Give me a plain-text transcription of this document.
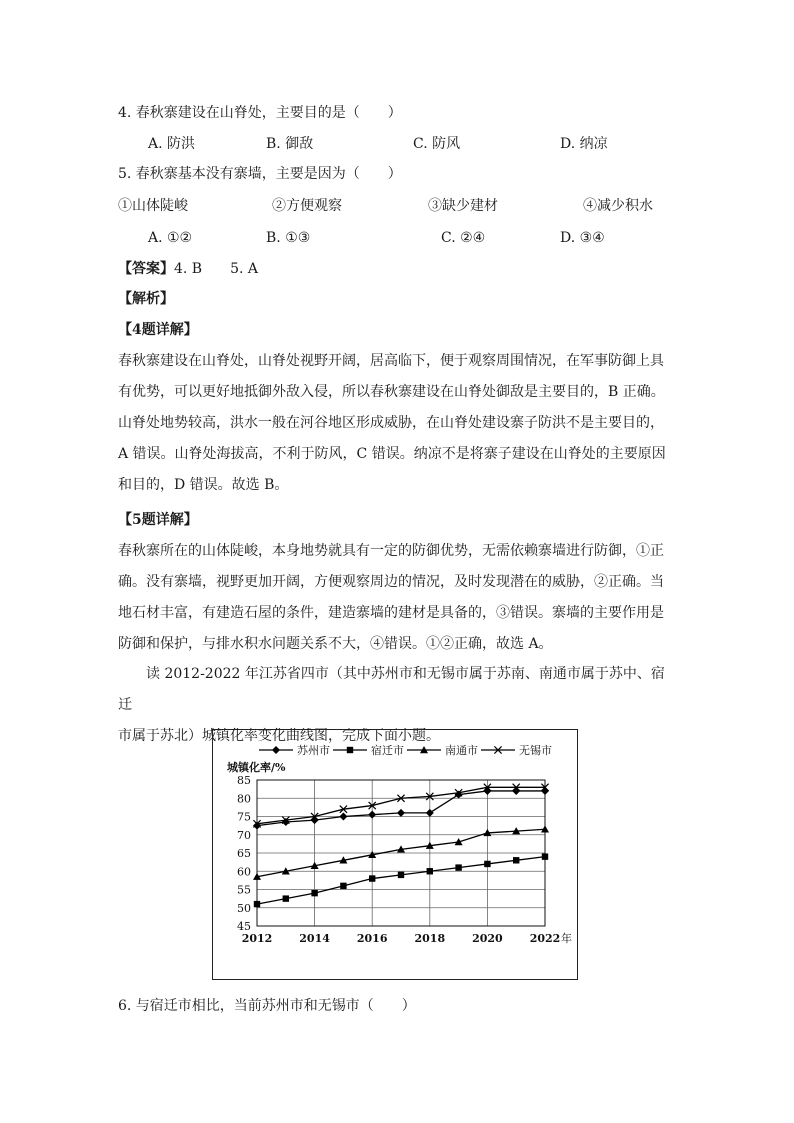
4. 春秋寨建设在山脊处，主要目的是（　　）
A. 防洪	B. 御敌	C. 防风	D. 纳凉
5. 春秋寨基本没有寨墙，主要是因为（　　）
①山体陡峻	②方便观察	③缺少建材	④减少积水
A. ①②	B. ①③	C. ②④	D. ③④
【答案】4. B　　5. A
【解析】
【4题详解】
春秋寨建设在山脊处，山脊处视野开阔，居高临下，便于观察周围情况，在军事防御上具
有优势，可以更好地抵御外敌入侵，所以春秋寨建设在山脊处御敌是主要目的，B 正确。
山脊处地势较高，洪水一般在河谷地区形成威胁，在山脊处建设寨子防洪不是主要目的，
A 错误。山脊处海拔高，不利于防风，C 错误。纳凉不是将寨子建设在山脊处的主要原因
和目的，D 错误。故选 B。
【5题详解】
春秋寨所在的山体陡峻，本身地势就具有一定的防御优势，无需依赖寨墙进行防御，①正
确。没有寨墙，视野更加开阔，方便观察周边的情况，及时发现潜在的威胁，②正确。当
地石材丰富，有建造石屋的条件，建造寨墙的建材是具备的，③错误。寨墙的主要作用是
防御和保护，与排水积水问题关系不大，④错误。①②正确，故选 A。
　　读 2012-2022 年江苏省四市（其中苏州市和无锡市属于苏南、南通市属于苏中、宿迁
市属于苏北）城镇化率变化曲线图，完成下面小题。
45
50
55
60
65
70
75
80
85
2012 2014 2016 2018 2020 2022
城镇化率/%
年
苏州市	宿迁市	南通市	无锡市
6. 与宿迁市相比，当前苏州市和无锡市（　　）
